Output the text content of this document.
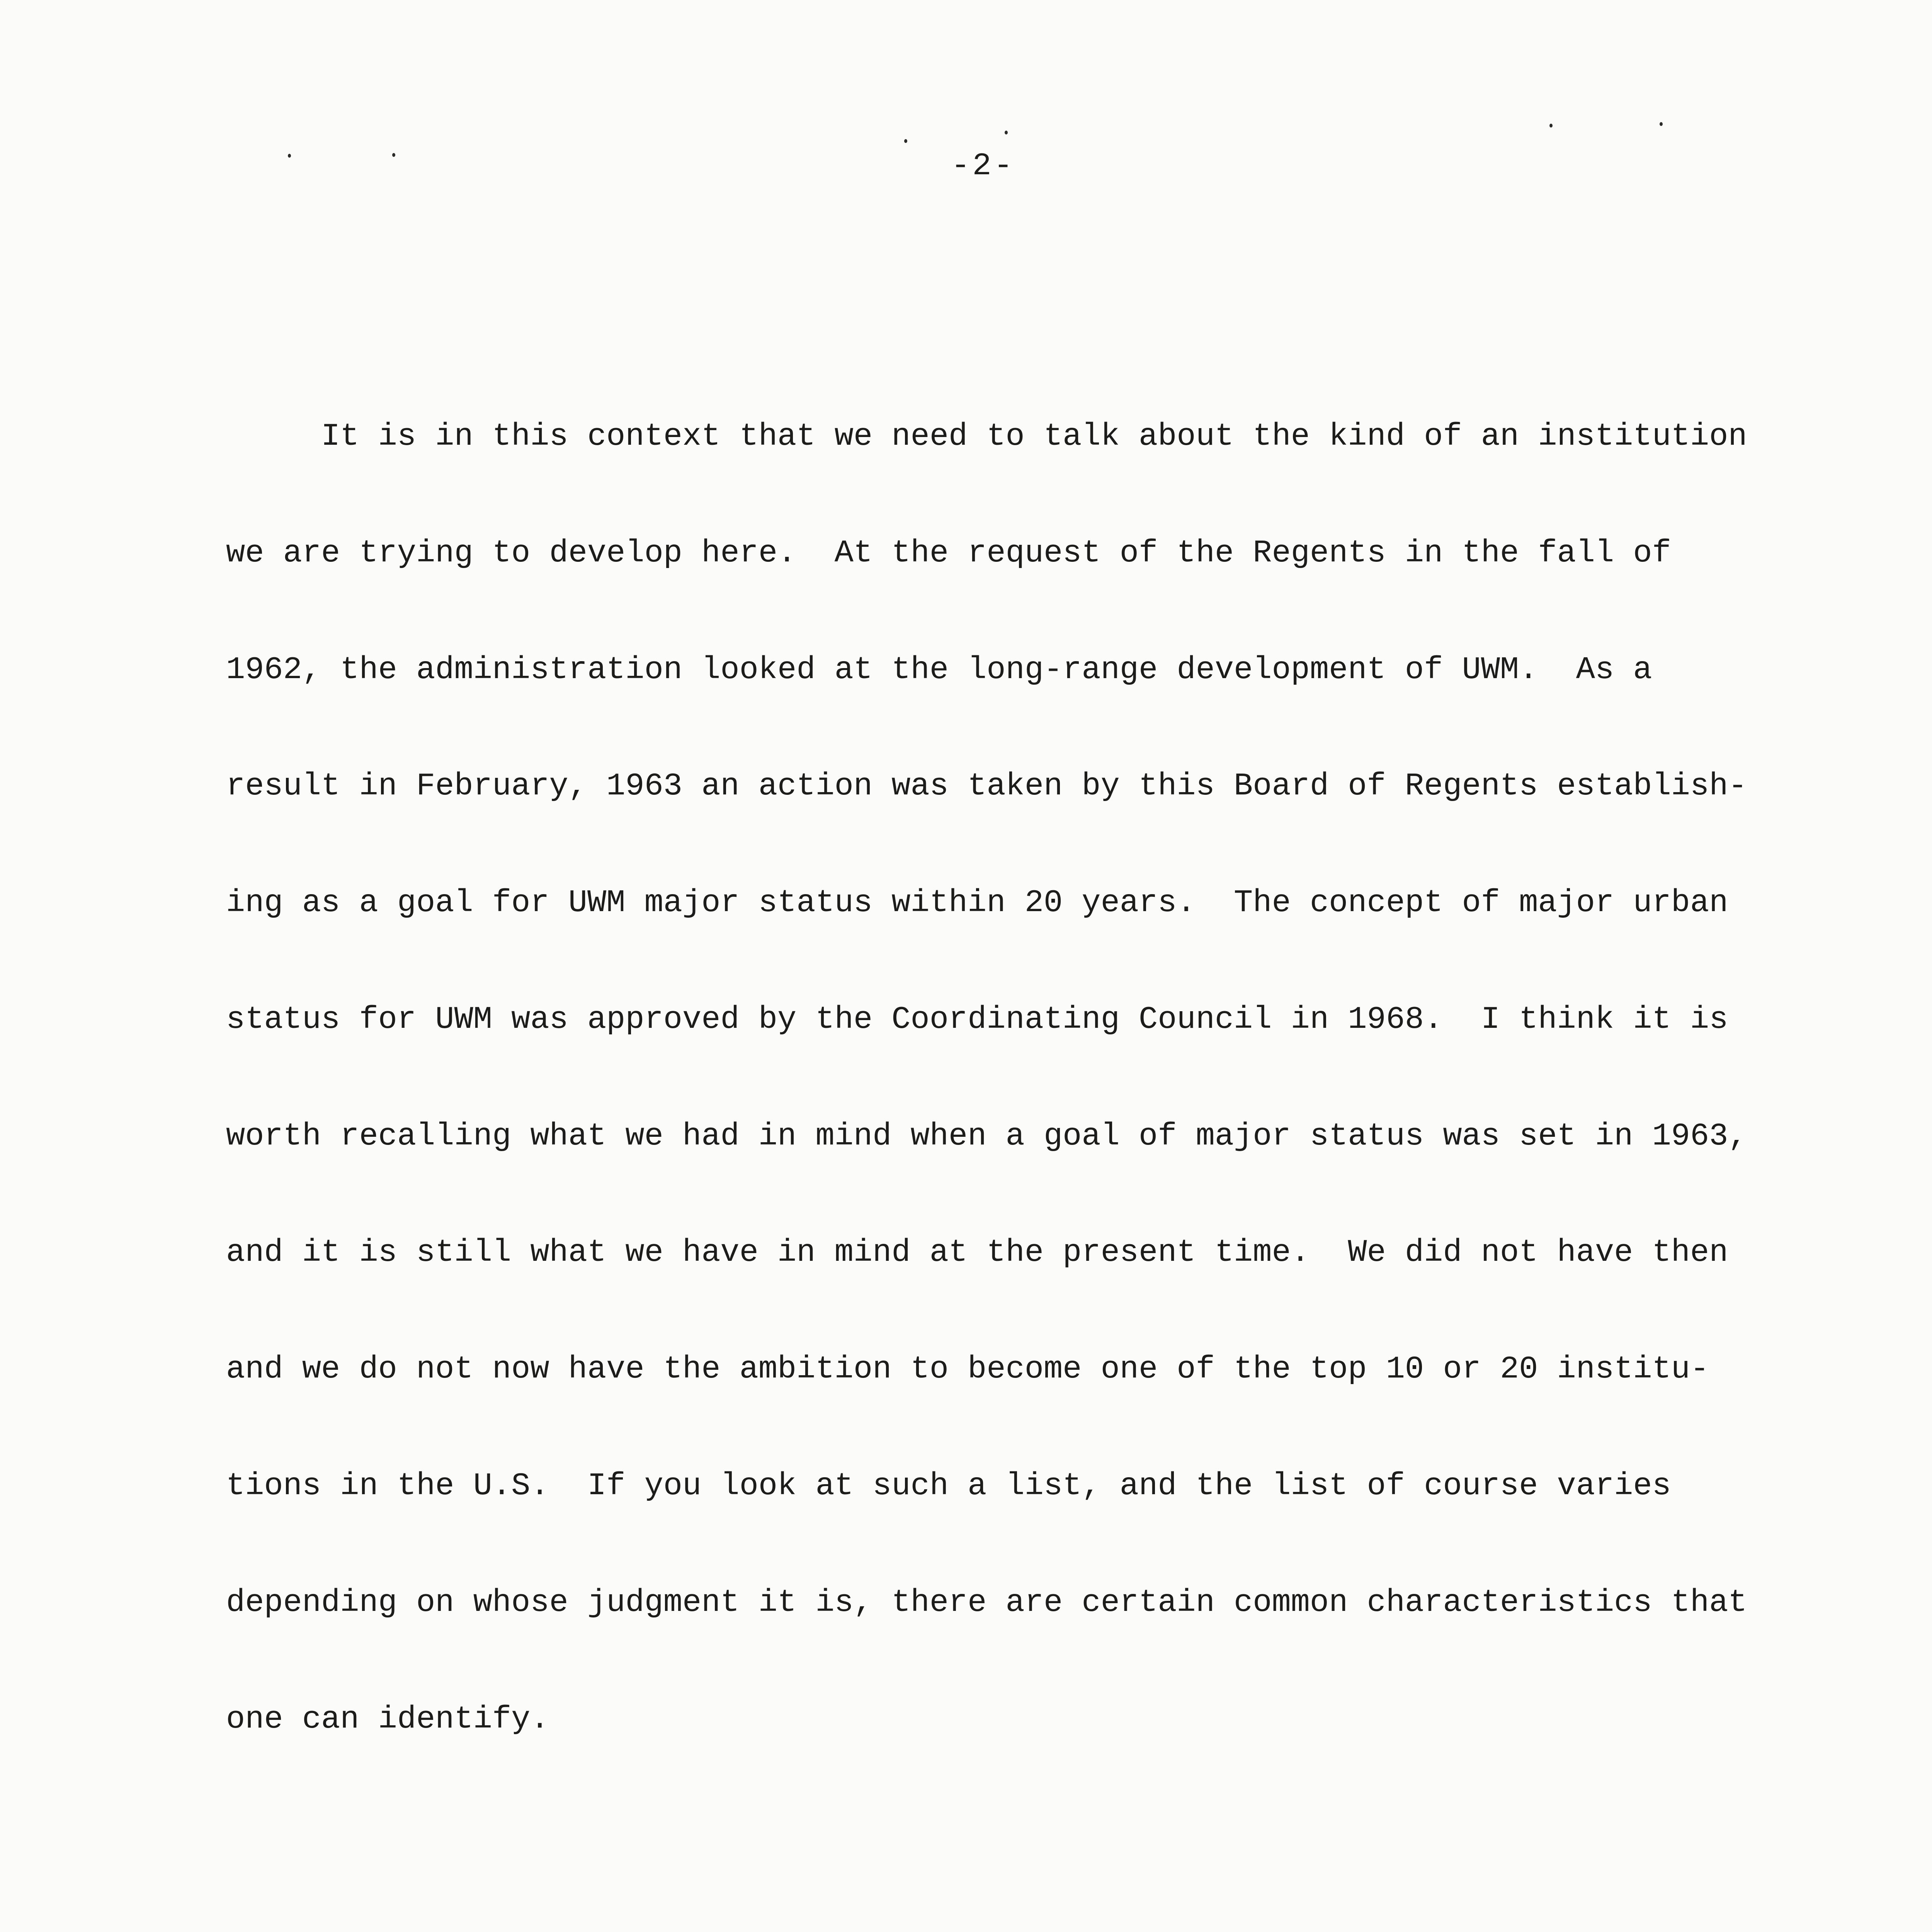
-2-

It is in this context that we need to talk about the kind of an institution

we are trying to develop here.  At the request of the Regents in the fall of

1962, the administration looked at the long-range development of UWM.  As a

result in February, 1963 an action was taken by this Board of Regents establish-

ing as a goal for UWM major status within 20 years.  The concept of major urban

status for UWM was approved by the Coordinating Council in 1968.  I think it is

worth recalling what we had in mind when a goal of major status was set in 1963,

and it is still what we have in mind at the present time.  We did not have then

and we do not now have the ambition to become one of the top 10 or 20 institu-

tions in the U.S.  If you look at such a list, and the list of course varies

depending on whose judgment it is, there are certain common characteristics that

one can identify.
